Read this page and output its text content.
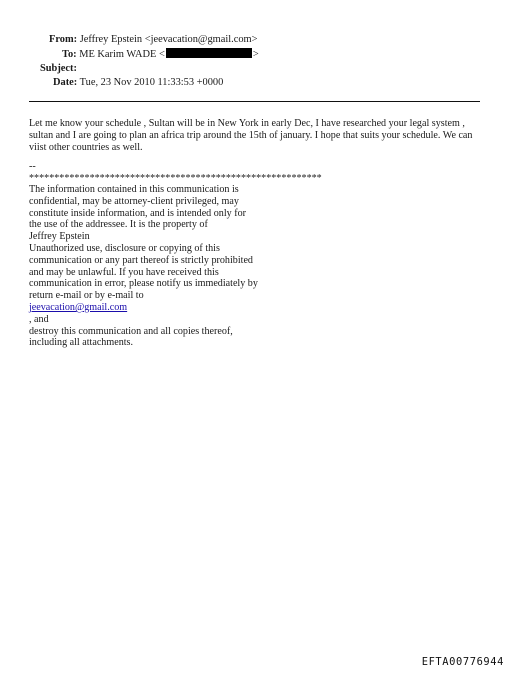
From: Jeffrey Epstein <jeevacation@gmail.com>
To: ME Karim WADE <	>
Subject:
Date: Tue, 23 Nov 2010 11:33:53 +0000
Let me know your schedule , Sultan will be in New York in early Dec, I have researched your legal system ,
sultan and I are going to plan an africa trip around the 15th of january. I hope that suits your schedule. We can
viist other countries as well.
--
**********************************************************
The information contained in this communication is
confidential, may be attorney-client privileged, may
constitute inside information, and is intended only for
the use of the addressee. It is the property of
Jeffrey Epstein
Unauthorized use, disclosure or copying of this
communication or any part thereof is strictly prohibited
and may be unlawful. If you have received this
communication in error, please notify us immediately by
return e-mail or by e-mail to
jeevacation@gmail.com
, and
destroy this communication and all copies thereof,
including all attachments.
EFTA00776944
